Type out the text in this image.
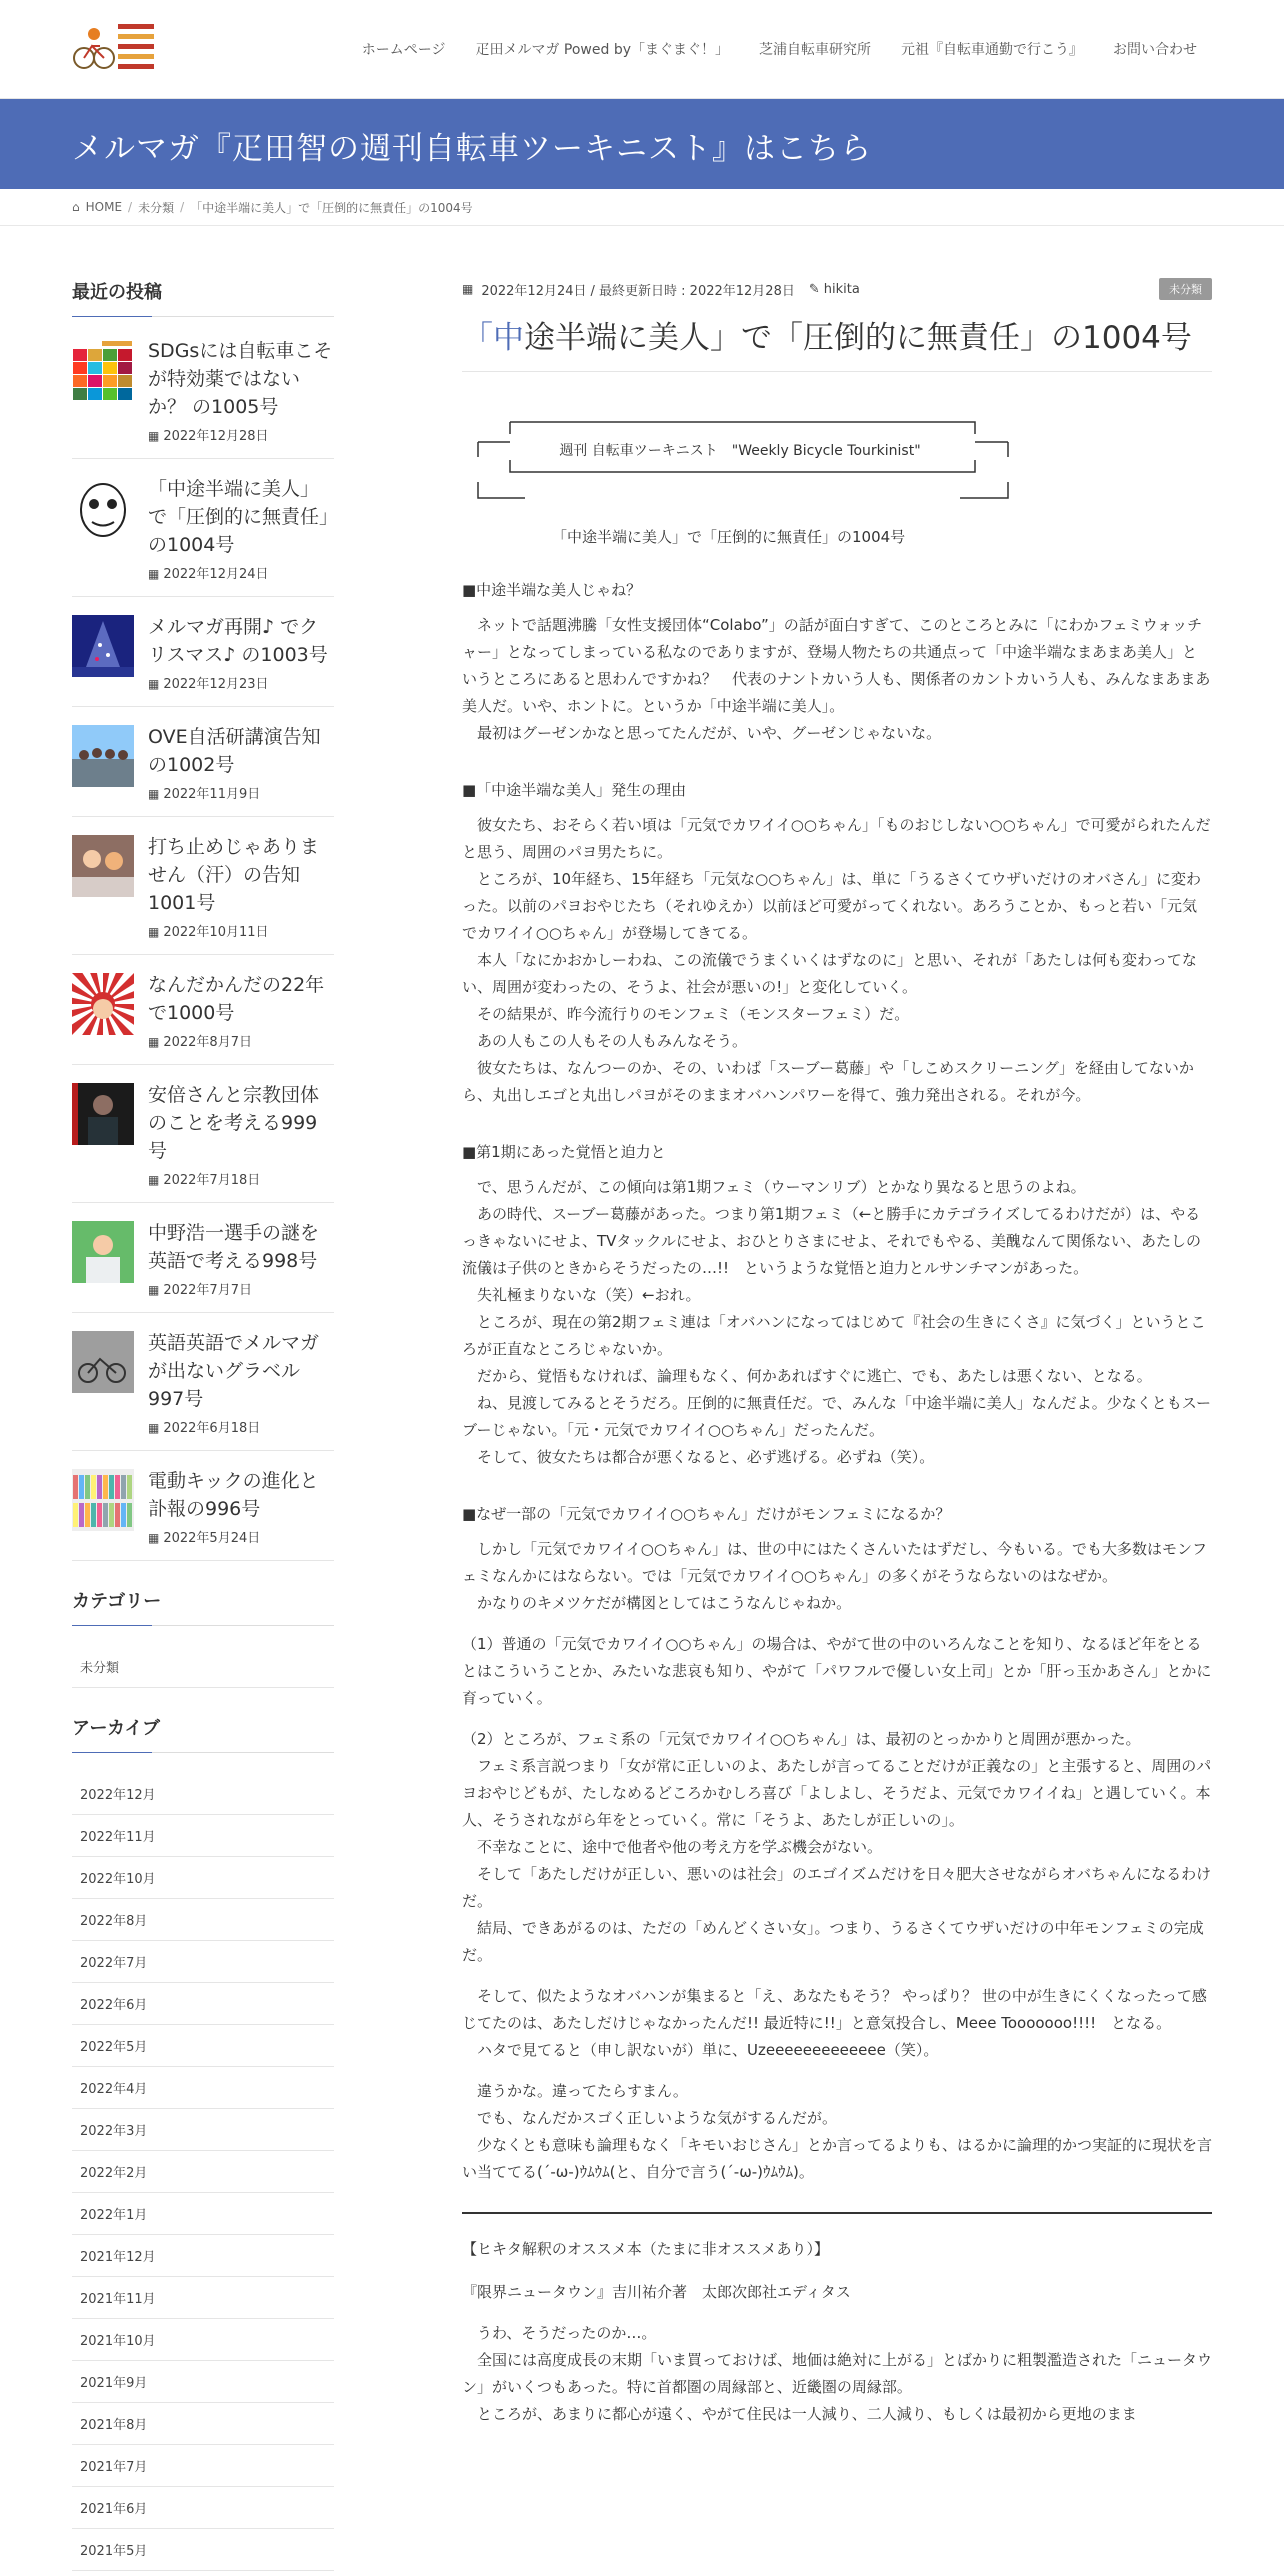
ホームページ	疋田メルマガ Powed by「まぐまぐ！」	芝浦自転車研究所	元祖『自転車通勤で行こう』	お問い合わせ
メルマガ『疋田智の週刊自転車ツーキニスト』はこちら
⌂ HOME / 未分類 / 「中途半端に美人」で「圧倒的に無責任」の1004号
最近の投稿
SDGsには自転車こそが特効薬ではないか？ の1005号
▦ 2022年12月28日
「中途半端に美人」で「圧倒的に無責任」の1004号
▦ 2022年12月24日
メルマガ再開♪ でクリスマス♪ の1003号
▦ 2022年12月23日
OVE自活研講演告知の1002号
▦ 2022年11月9日
打ち止めじゃありません（汗）の告知1001号
▦ 2022年10月11日
なんだかんだの22年で1000号
▦ 2022年8月7日
安倍さんと宗教団体のことを考える999号
▦ 2022年7月18日
中野浩一選手の謎を英語で考える998号
▦ 2022年7月7日
英語英語でメルマガが出ないグラベル997号
▦ 2022年6月18日
電動キックの進化と訃報の996号
▦ 2022年5月24日
カテゴリー
未分類
アーカイブ
2022年12月
2022年11月
2022年10月
2022年8月
2022年7月
2022年6月
2022年5月
2022年4月
2022年3月
2022年2月
2022年1月
2021年12月
2021年11月
2021年10月
2021年9月
2021年8月
2021年7月
2021年6月
2021年5月
▦ 2022年12月24日 / 最終更新日時 : 2022年12月28日 ✎ hikita	未分類
「中途半端に美人」で「圧倒的に無責任」の1004号
週刊 自転車ツーキニスト　"Weekly Bicycle Tourkinist"
「中途半端に美人」で「圧倒的に無責任」の1004号
■中途半端な美人じゃね？

　ネットで話題沸騰「女性支援団体“Colabo”」の話が面白すぎて、このところとみに「にわかフェミウォッチャー」となってしまっている私なのでありますが、登場人物たちの共通点って「中途半端なまあまあ美人」というところにあると思わんですかね？　代表のナントカいう人も、関係者のカントカいう人も、みんなまあまあ美人だ。いや、ホントに。というか「中途半端に美人」。

　最初はグーゼンかなと思ってたんだが、いや、グーゼンじゃないな。

■「中途半端な美人」発生の理由

　彼女たち、おそらく若い頃は「元気でカワイイ○○ちゃん」「ものおじしない○○ちゃん」で可愛がられたんだと思う、周囲のパヨ男たちに。

　ところが、10年経ち、15年経ち「元気な○○ちゃん」は、単に「うるさくてウザいだけのオバさん」に変わった。以前のパヨおやじたち（それゆえか）以前ほど可愛がってくれない。あろうことか、もっと若い「元気でカワイイ○○ちゃん」が登場してきてる。

　本人「なにかおかしーわね、この流儀でうまくいくはずなのに」と思い、それが「あたしは何も変わってない、周囲が変わったの、そうよ、社会が悪いの!」と変化していく。

　その結果が、昨今流行りのモンフェミ（モンスターフェミ）だ。

　あの人もこの人もその人もみんなそう。

　彼女たちは、なんつーのか、その、いわば「スーブー葛藤」や「しこめスクリーニング」を経由してないから、丸出しエゴと丸出しパヨがそのままオバハンパワーを得て、強力発出される。それが今。

■第1期にあった覚悟と迫力と

　で、思うんだが、この傾向は第1期フェミ（ウーマンリブ）とかなり異なると思うのよね。

　あの時代、スーブー葛藤があった。つまり第1期フェミ（←と勝手にカテゴライズしてるわけだが）は、やるっきゃないにせよ、TVタックルにせよ、おひとりさまにせよ、それでもやる、美醜なんて関係ない、あたしの流儀は子供のときからそうだったの…!!　というような覚悟と迫力とルサンチマンがあった。

　失礼極まりないな（笑）←おれ。

　ところが、現在の第2期フェミ連は「オバハンになってはじめて『社会の生きにくさ』に気づく」というところが正直なところじゃないか。

　だから、覚悟もなければ、論理もなく、何かあればすぐに逃亡、でも、あたしは悪くない、となる。

　ね、見渡してみるとそうだろ。圧倒的に無責任だ。で、みんな「中途半端に美人」なんだよ。少なくともスーブーじゃない。「元・元気でカワイイ○○ちゃん」だったんだ。

　そして、彼女たちは都合が悪くなると、必ず逃げる。必ずね（笑）。

■なぜ一部の「元気でカワイイ○○ちゃん」だけがモンフェミになるか？

　しかし「元気でカワイイ○○ちゃん」は、世の中にはたくさんいたはずだし、今もいる。でも大多数はモンフェミなんかにはならない。では「元気でカワイイ○○ちゃん」の多くがそうならないのはなぜか。

　かなりのキメツケだが構図としてはこうなんじゃねか。

（1）普通の「元気でカワイイ○○ちゃん」の場合は、やがて世の中のいろんなことを知り、なるほど年をとるとはこういうことか、みたいな悲哀も知り、やがて「パワフルで優しい女上司」とか「肝っ玉かあさん」とかに育っていく。

（2）ところが、フェミ系の「元気でカワイイ○○ちゃん」は、最初のとっかかりと周囲が悪かった。

　フェミ系言説つまり「女が常に正しいのよ、あたしが言ってることだけが正義なの」と主張すると、周囲のパヨおやじどもが、たしなめるどころかむしろ喜び「よしよし、そうだよ、元気でカワイイね」と遇していく。本人、そうされながら年をとっていく。常に「そうよ、あたしが正しいの」。

　不幸なことに、途中で他者や他の考え方を学ぶ機会がない。

　そして「あたしだけが正しい、悪いのは社会」のエゴイズムだけを日々肥大させながらオバちゃんになるわけだ。

　結局、できあがるのは、ただの「めんどくさい女」。つまり、うるさくてウザいだけの中年モンフェミの完成だ。

　そして、似たようなオバハンが集まると「え、あなたもそう？ やっぱり？ 世の中が生きにくくなったって感じてたのは、あたしだけじゃなかったんだ!! 最近特に!!」と意気投合し、Meee Tooooooo!!!!　となる。

　ハタで見てると（申し訳ないが）単に、Uzeeeeeeeeeeeee（笑）。

　違うかな。違ってたらすまん。

　でも、なんだかスゴく正しいような気がするんだが。

　少なくとも意味も論理もなく「キモいおじさん」とか言ってるよりも、はるかに論理的かつ実証的に現状を言い当ててる(´-ω-)ｳﾑｳﾑ(と、自分で言う(´-ω-)ｳﾑｳﾑ)。

【ヒキタ解釈のオススメ本（たまに非オススメあり）】
『限界ニュータウン』吉川祐介著　太郎次郎社エディタス

　うわ、そうだったのか…。

　全国には高度成長の末期「いま買っておけば、地価は絶対に上がる」とばかりに粗製濫造された「ニュータウン」がいくつもあった。特に首都圏の周縁部と、近畿圏の周縁部。

　ところが、あまりに都心が遠く、やがて住民は一人減り、二人減り、もしくは最初から更地のまま
